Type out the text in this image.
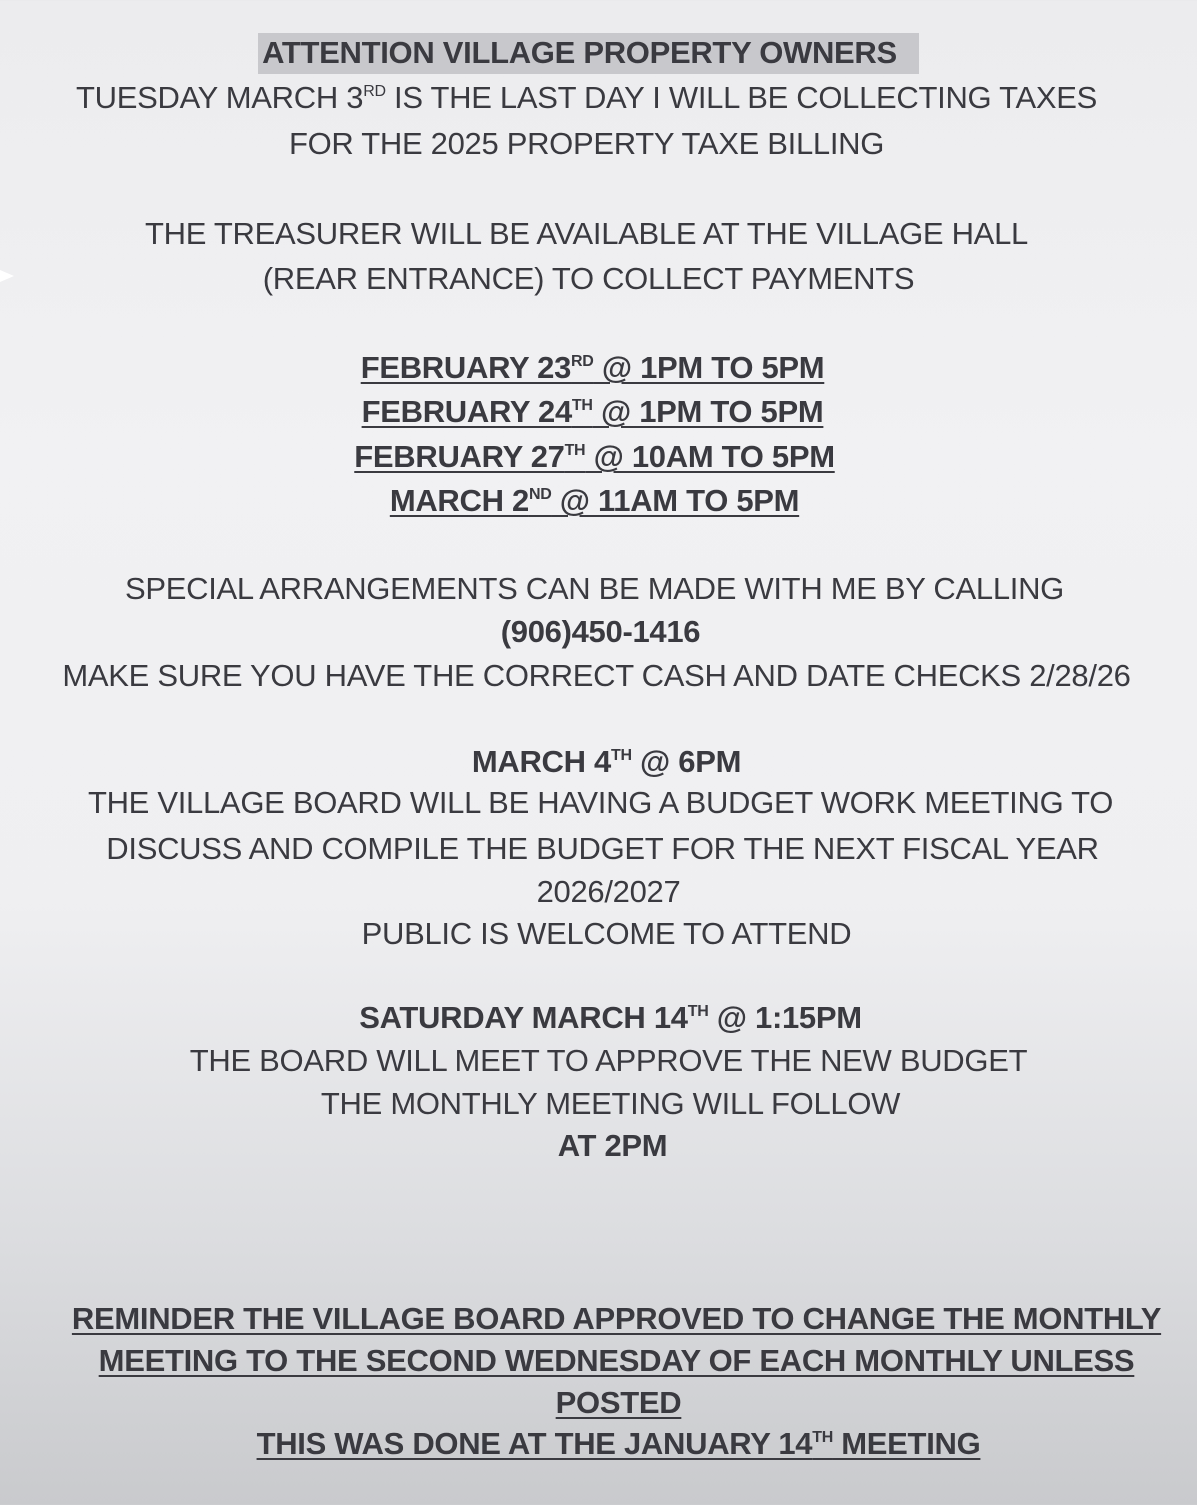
ATTENTION VILLAGE PROPERTY OWNERS
TUESDAY MARCH 3RD IS THE LAST DAY I WILL BE COLLECTING TAXES
FOR THE 2025 PROPERTY TAXE BILLING
THE TREASURER WILL BE AVAILABLE AT THE VILLAGE HALL
(REAR ENTRANCE) TO COLLECT PAYMENTS
FEBRUARY 23RD @ 1PM TO 5PM
FEBRUARY 24TH @ 1PM TO 5PM
FEBRUARY 27TH @ 10AM TO 5PM
MARCH 2ND @ 11AM TO 5PM
SPECIAL ARRANGEMENTS CAN BE MADE WITH ME BY CALLING
(906)450-1416
MAKE SURE YOU HAVE THE CORRECT CASH AND DATE CHECKS 2/28/26
MARCH 4TH @ 6PM
THE VILLAGE BOARD WILL BE HAVING A BUDGET WORK MEETING TO
DISCUSS AND COMPILE THE BUDGET FOR THE NEXT FISCAL YEAR
2026/2027
PUBLIC IS WELCOME TO ATTEND
SATURDAY MARCH 14TH @ 1:15PM
THE BOARD WILL MEET TO APPROVE THE NEW BUDGET
THE MONTHLY MEETING WILL FOLLOW
AT 2PM
REMINDER THE VILLAGE BOARD APPROVED TO CHANGE THE MONTHLY
MEETING TO THE SECOND WEDNESDAY OF EACH MONTHLY UNLESS
POSTED
THIS WAS DONE AT THE JANUARY 14TH MEETING
